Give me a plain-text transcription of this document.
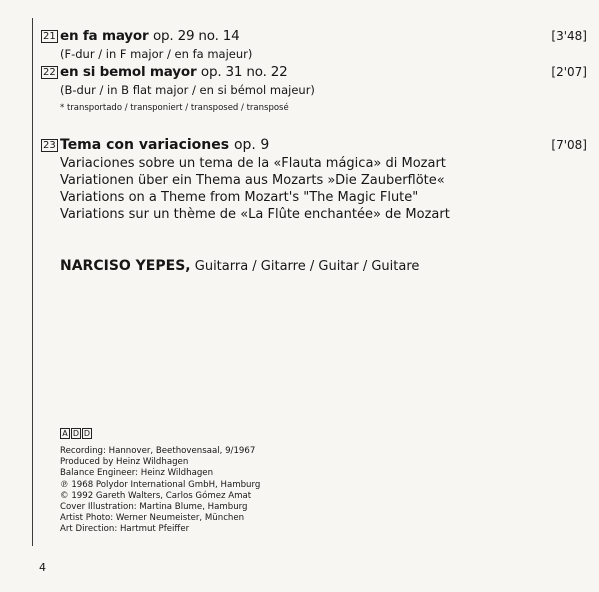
21 en fa mayor op. 29 no. 14	[3'48]
(F-dur / in F major / en fa majeur)
22 en si bemol mayor op. 31 no. 22	[2'07]
(B-dur / in B flat major / en si bémol majeur)
* transportado / transponiert / transposed / transposé
23 Tema con variaciones op. 9	[7'08]
Variaciones sobre un tema de la «Flauta mágica» di Mozart
Variationen über ein Thema aus Mozarts »Die Zauberflöte«
Variations on a Theme from Mozart's "The Magic Flute"
Variations sur un thème de «La Flûte enchantée» de Mozart
NARCISO YEPES, Guitarra / Gitarre / Guitar / Guitare
A D D
Recording: Hannover, Beethovensaal, 9/1967
Produced by Heinz Wildhagen
Balance Engineer: Heinz Wildhagen
℗ 1968 Polydor International GmbH, Hamburg
© 1992 Gareth Walters, Carlos Gómez Amat
Cover Illustration: Martina Blume, Hamburg
Artist Photo: Werner Neumeister, München
Art Direction: Hartmut Pfeiffer
4
